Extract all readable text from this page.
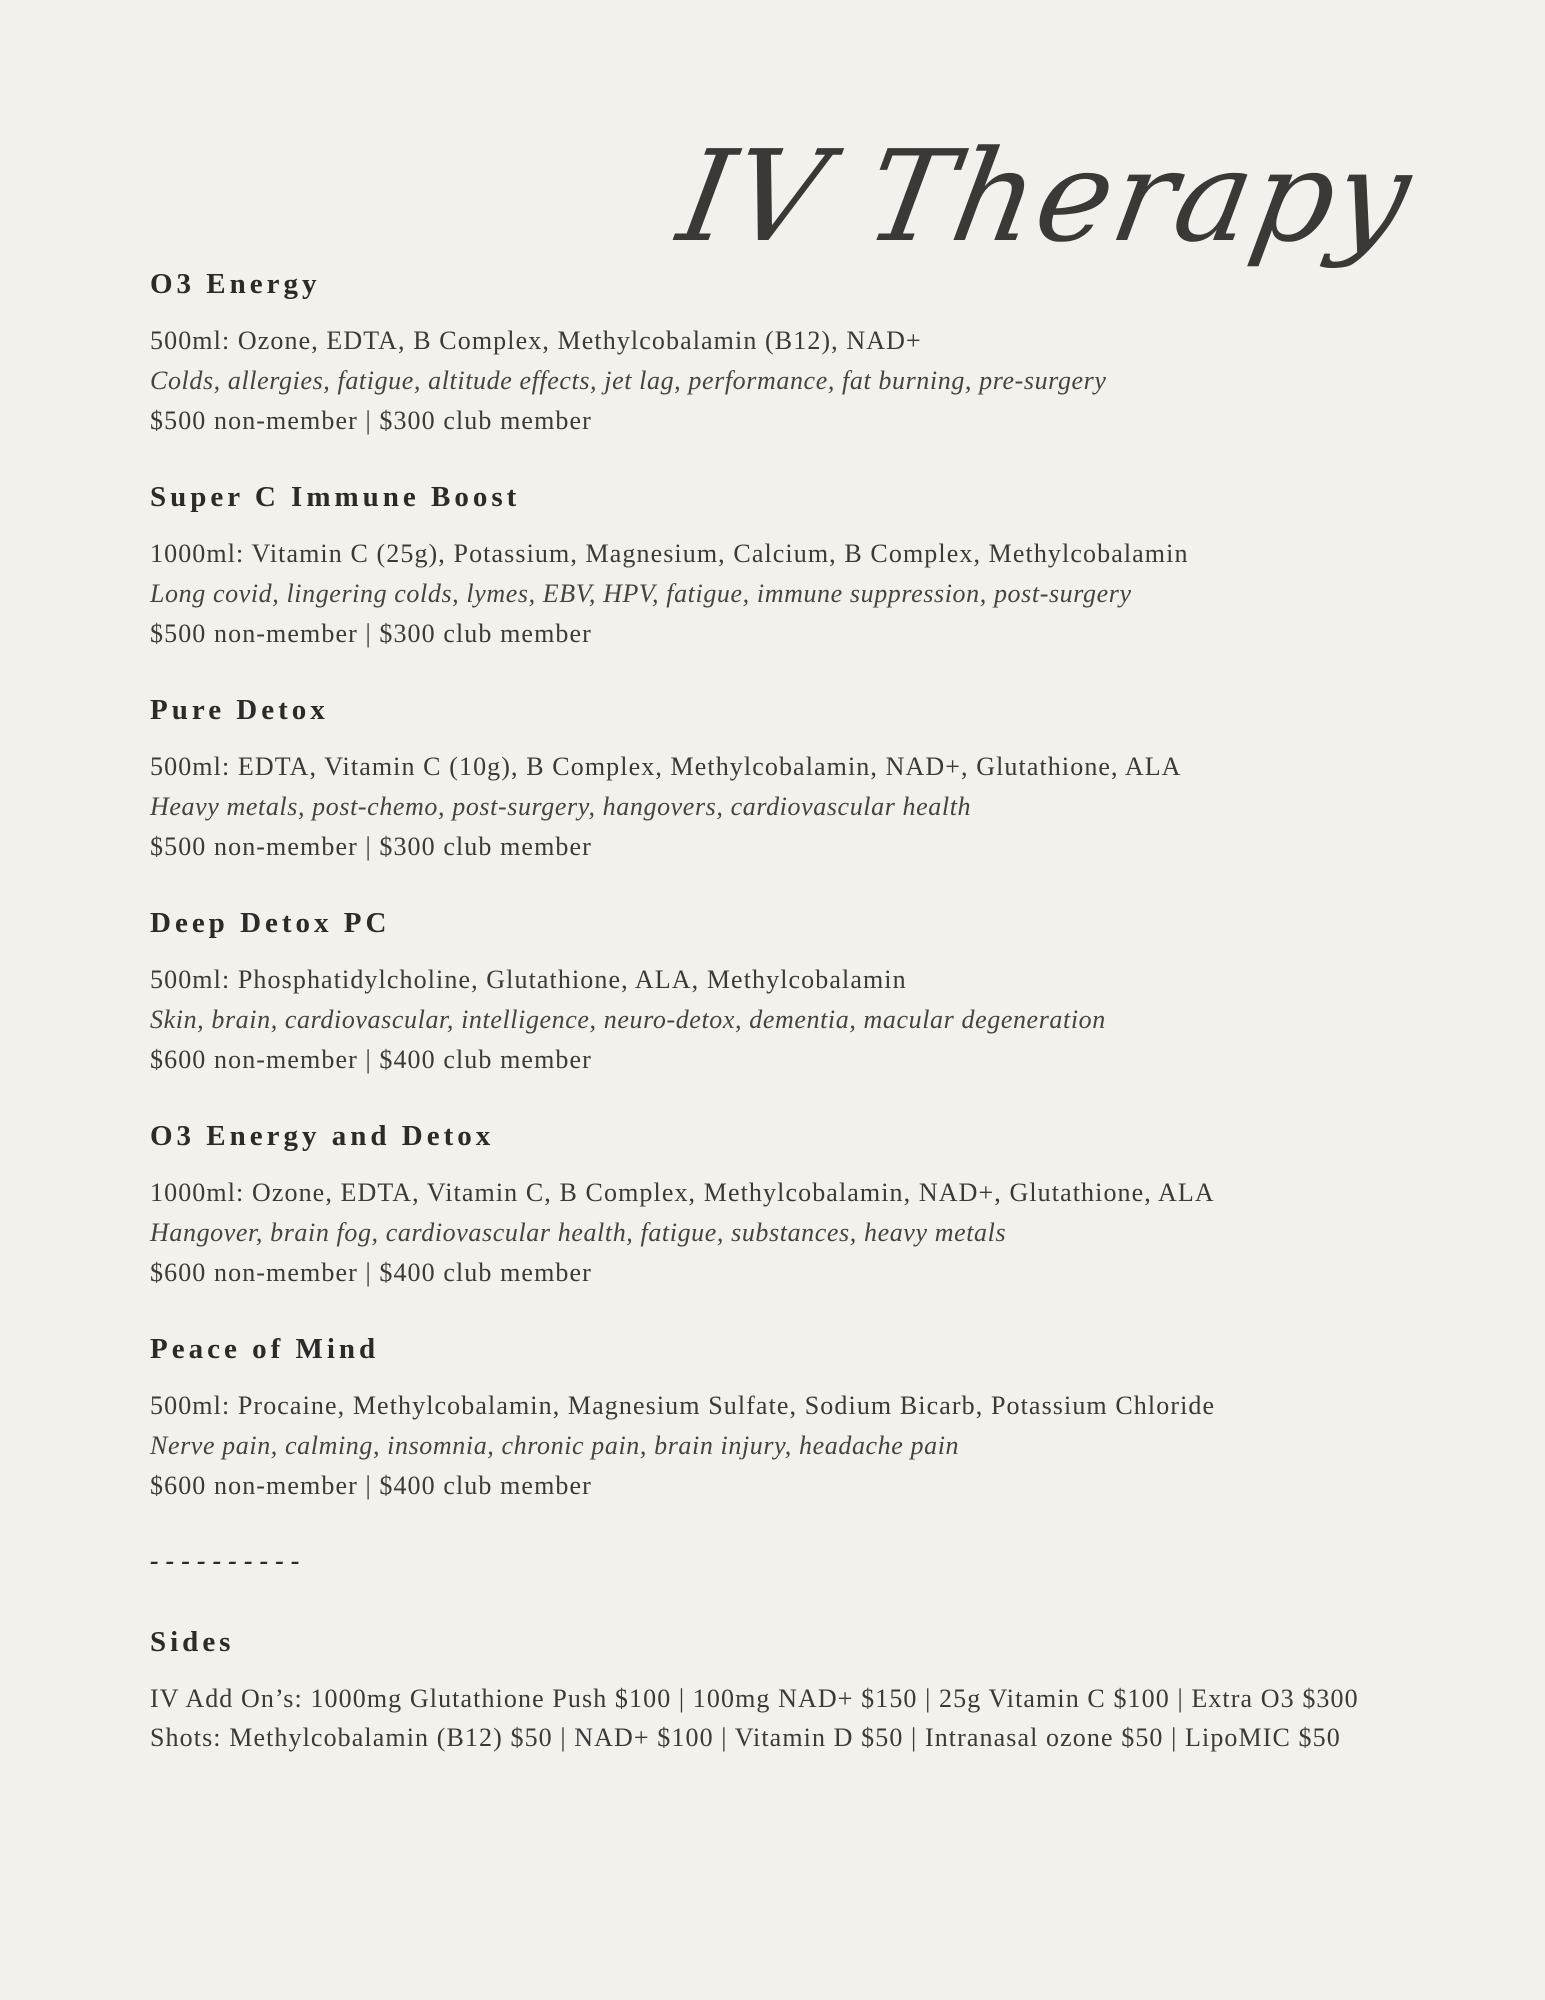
IV Therapy
O3 Energy

500ml: Ozone, EDTA, B Complex, Methylcobalamin (B12), NAD+

Colds, allergies, fatigue, altitude effects, jet lag, performance, fat burning, pre-surgery

$500 non-member | $300 club member

Super C Immune Boost

1000ml: Vitamin C (25g), Potassium, Magnesium, Calcium, B Complex, Methylcobalamin

Long covid, lingering colds, lymes, EBV, HPV, fatigue, immune suppression, post-surgery

$500 non-member | $300 club member

Pure Detox

500ml: EDTA, Vitamin C (10g), B Complex, Methylcobalamin, NAD+, Glutathione, ALA

Heavy metals, post-chemo, post-surgery, hangovers, cardiovascular health

$500 non-member | $300 club member

Deep Detox PC

500ml: Phosphatidylcholine, Glutathione, ALA, Methylcobalamin

Skin, brain, cardiovascular, intelligence, neuro-detox, dementia, macular degeneration

$600 non-member | $400 club member

O3 Energy and Detox

1000ml: Ozone, EDTA, Vitamin C, B Complex, Methylcobalamin, NAD+, Glutathione, ALA

Hangover, brain fog, cardiovascular health, fatigue, substances, heavy metals

$600 non-member | $400 club member

Peace of Mind

500ml: Procaine, Methylcobalamin, Magnesium Sulfate, Sodium Bicarb, Potassium Chloride

Nerve pain, calming, insomnia, chronic pain, brain injury, headache pain

$600 non-member | $400 club member

----------
Sides

IV Add On’s: 1000mg Glutathione Push $100 | 100mg NAD+ $150 | 25g Vitamin C $100 | Extra O3 $300

Shots: Methylcobalamin (B12) $50 | NAD+ $100 | Vitamin D $50 | Intranasal ozone $50 | LipoMIC $50
